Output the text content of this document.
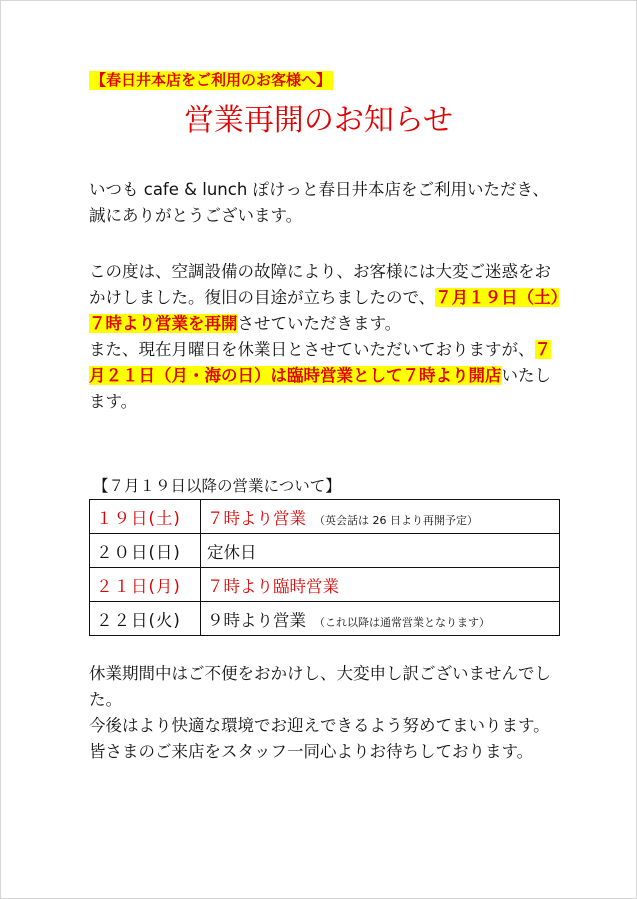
【春日井本店をご利用のお客様へ】
営業再開のお知らせ

いつも cafe & lunch ぽけっと春日井本店をご利用いただき、誠にありがとうございます。

この度は、空調設備の故障により、お客様には大変ご迷惑をおかけしました。復旧の目途が立ちましたので、７月１９日（土）７時より営業を再開させていただきます。
また、現在月曜日を休業日とさせていただいておりますが、７月２１日（月・海の日）は臨時営業として７時より開店いたします。

【７月１９日以降の営業について】
１９日(土)	７時より営業 （英会話は 26 日より再開予定）
２０日(日)	定休日
２１日(月)	７時より臨時営業
２２日(火)	９時より営業 （これ以降は通常営業となります）

休業期間中はご不便をおかけし、大変申し訳ございませんでした。
今後はより快適な環境でお迎えできるよう努めてまいります。皆さまのご来店をスタッフ一同心よりお待ちしております。
